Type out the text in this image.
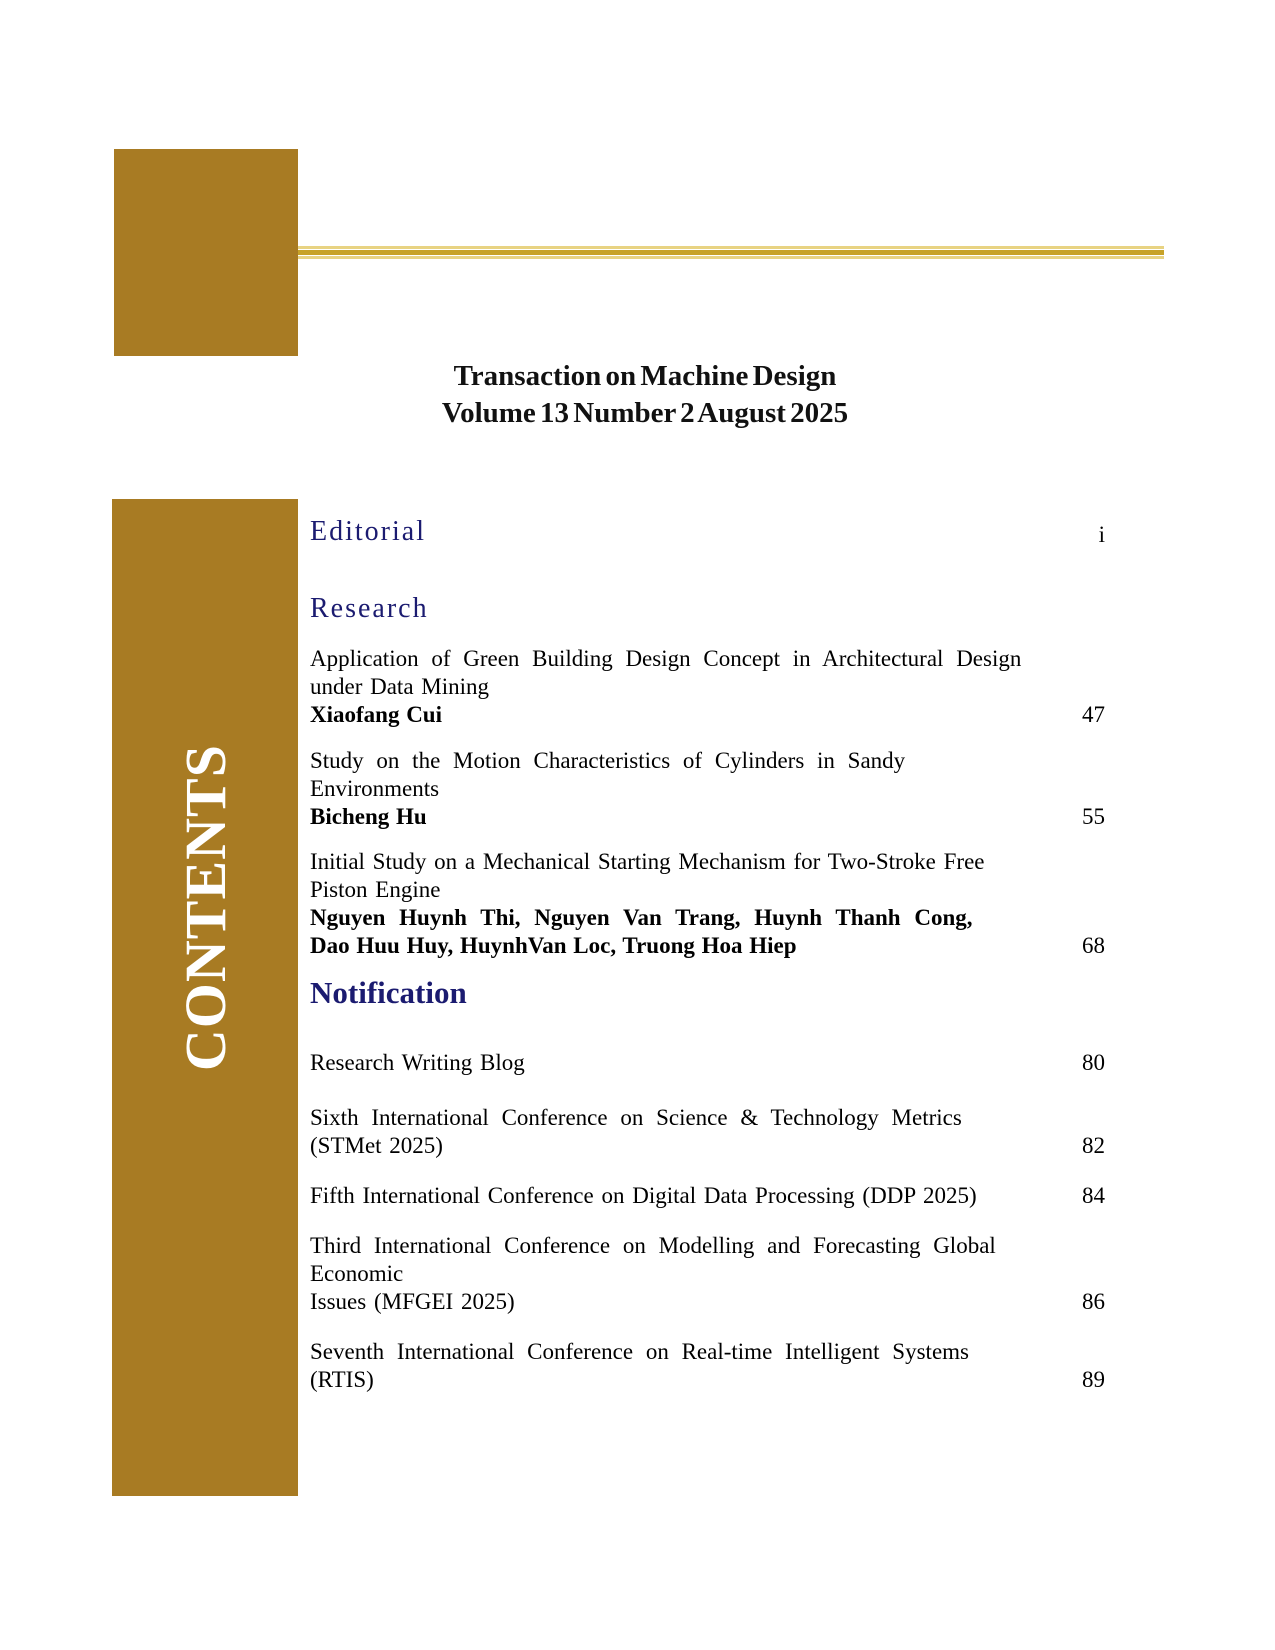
Transaction on Machine Design
Volume 13 Number 2 August 2025
CONTENTS
Editorial	i
Research
Application of Green Building Design Concept in Architectural Design
under Data Mining
Xiaofang Cui	47
Study on the Motion Characteristics of Cylinders in Sandy Environments
Bicheng Hu	55
Initial Study on a Mechanical Starting Mechanism for Two-Stroke Free Piston Engine
Nguyen Huynh Thi, Nguyen Van Trang, Huynh Thanh Cong,
Dao Huu Huy, HuynhVan Loc, Truong Hoa Hiep	68
Notification
Research Writing Blog	80
Sixth International Conference on Science & Technology Metrics
(STMet 2025)	82
Fifth International Conference on Digital Data Processing (DDP 2025)	84
Third International Conference on Modelling and Forecasting Global Economic
Issues (MFGEI 2025)	86
Seventh International Conference on Real-time Intelligent Systems (RTIS)	89
